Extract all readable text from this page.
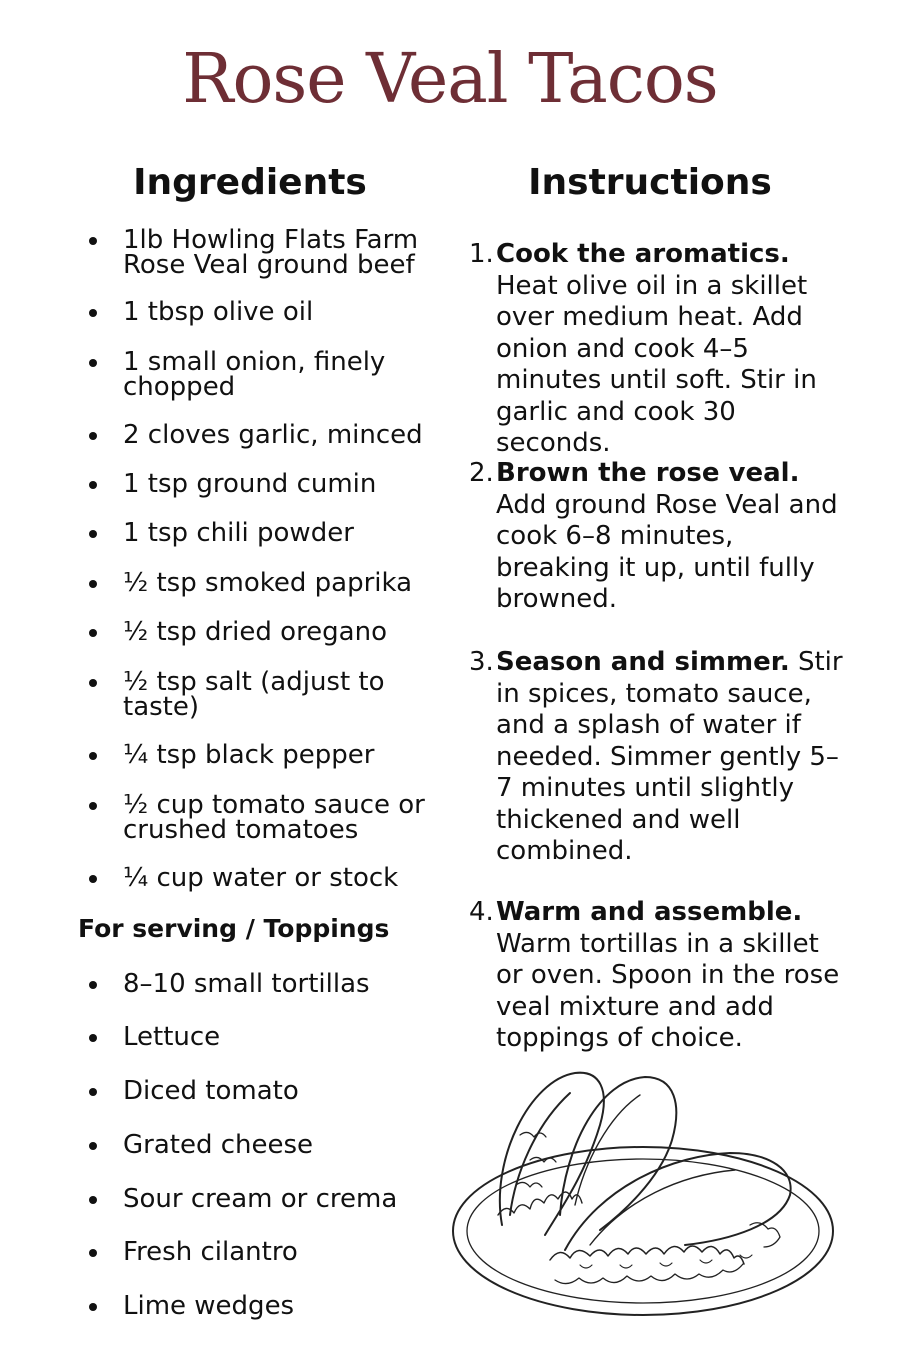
Rose Veal Tacos
Ingredients	Instructions
1lb Howling Flats Farm Rose Veal ground beef
1 tbsp olive oil
1 small onion, finely chopped
2 cloves garlic, minced
1 tsp ground cumin
1 tsp chili powder
½ tsp smoked paprika
½ tsp dried oregano
½ tsp salt (adjust to taste)
¼ tsp black pepper
½ cup tomato sauce or crushed tomatoes
¼ cup water or stock
For serving / Toppings
8–10 small tortillas
Lettuce
Diced tomato
Grated cheese
Sour cream or crema
Fresh cilantro
Lime wedges
1. Cook the aromatics. Heat olive oil in a skillet over medium heat. Add onion and cook 4–5 minutes until soft. Stir in garlic and cook 30 seconds.
2. Brown the rose veal. Add ground Rose Veal and cook 6–8 minutes, breaking it up, until fully browned.
3. Season and simmer. Stir in spices, tomato sauce, and a splash of water if needed. Simmer gently 5–7 minutes until slightly thickened and well combined.
4. Warm and assemble. Warm tortillas in a skillet or oven. Spoon in the rose veal mixture and add toppings of choice.
